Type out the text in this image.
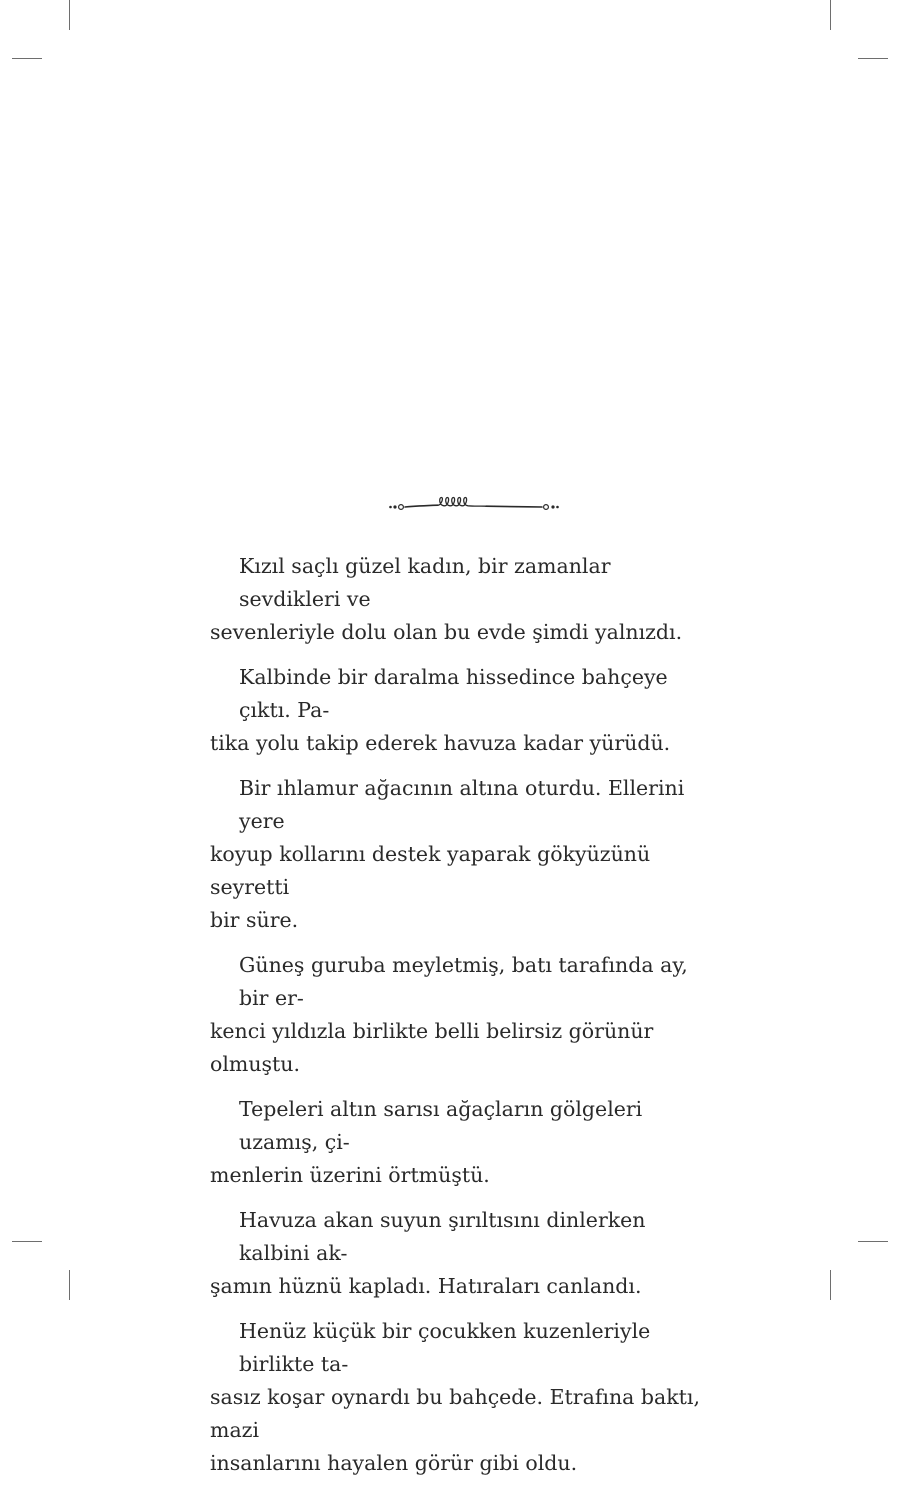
Kızıl saçlı güzel kadın, bir zamanlar sevdikleri ve
sevenleriyle dolu olan bu evde şimdi yalnızdı.

Kalbinde bir daralma hissedince bahçeye çıktı. Pa-
tika yolu takip ederek havuza kadar yürüdü.

Bir ıhlamur ağacının altına oturdu. Ellerini yere
koyup kollarını destek yaparak gökyüzünü seyretti
bir süre.

Güneş guruba meyletmiş, batı tarafında ay, bir er-
kenci yıldızla birlikte belli belirsiz görünür olmuştu.

Tepeleri altın sarısı ağaçların gölgeleri uzamış, çi-
menlerin üzerini örtmüştü.

Havuza akan suyun şırıltısını dinlerken kalbini ak-
şamın hüznü kapladı. Hatıraları canlandı.

Henüz küçük bir çocukken kuzenleriyle birlikte ta-
sasız koşar oynardı bu bahçede. Etrafına baktı, mazi
insanlarını hayalen görür gibi oldu.
